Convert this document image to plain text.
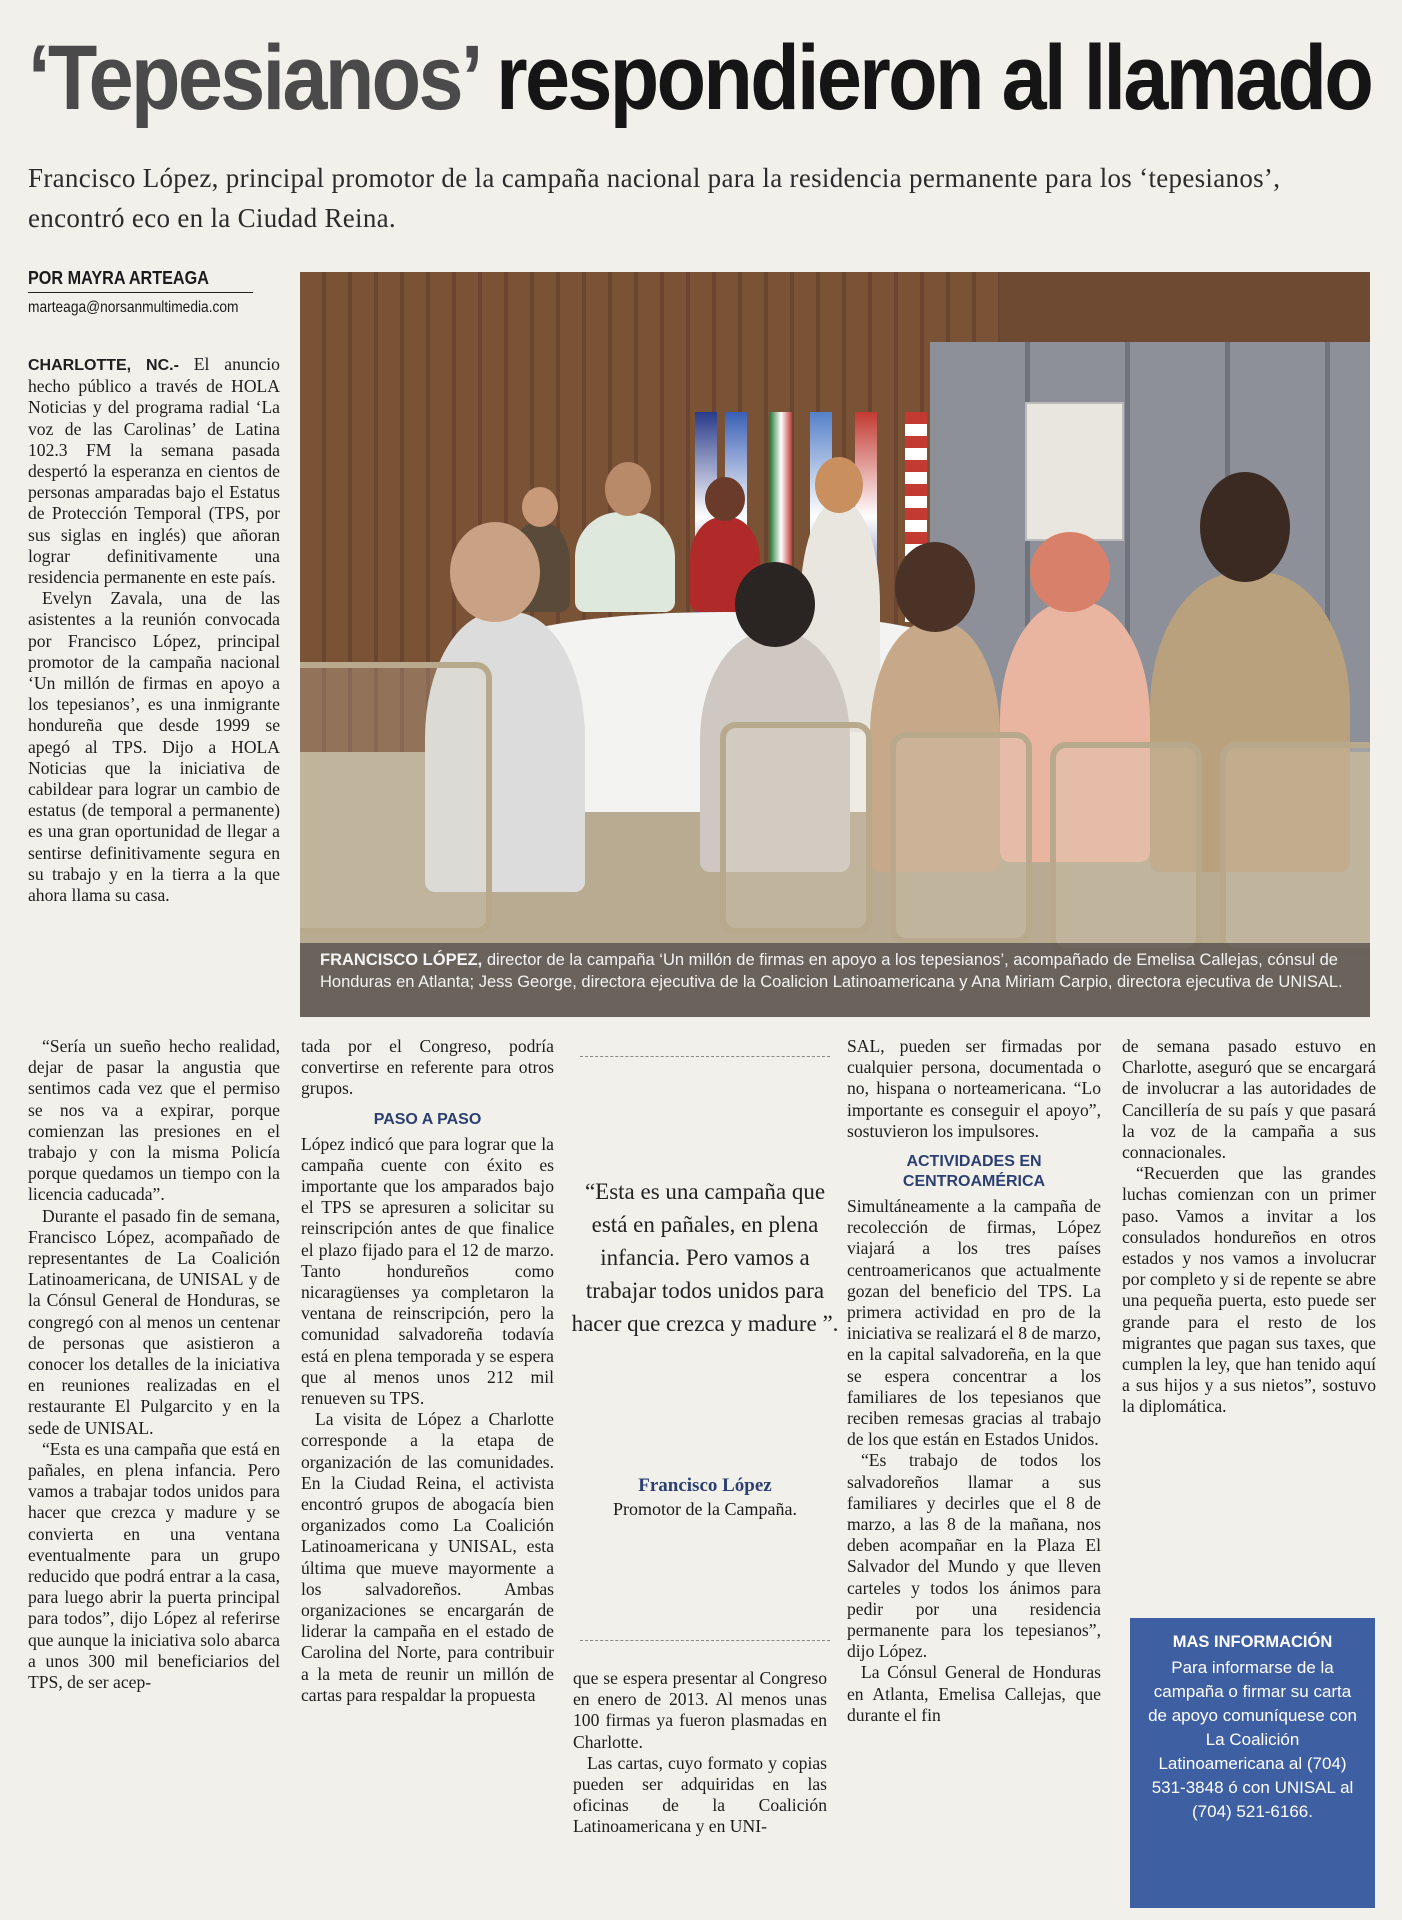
‘Tepesianos’ respondieron al llamado
Francisco López, principal promotor de la campaña nacional para la residencia permanente para los ‘tepesianos’, encontró eco en la Ciudad Reina.
POR MAYRA ARTEAGA
marteaga@norsanmultimedia.com

CHARLOTTE, NC.- El anuncio hecho público a través de HOLA Noticias y del programa radial ‘La voz de las Carolinas’ de Latina 102.3 FM la semana pasada despertó la esperanza en cientos de personas amparadas bajo el Estatus de Protección Temporal (TPS, por sus siglas en inglés) que añoran lograr definitivamente una residencia permanente en este país.

Evelyn Zavala, una de las asistentes a la reunión convocada por Francisco López, principal promotor de la campaña nacional ‘Un millón de firmas en apoyo a los tepesianos’, es una inmigrante hondureña que desde 1999 se apegó al TPS. Dijo a HOLA Noticias que la iniciativa de cabildear para lograr un cambio de estatus (de temporal a permanente) es una gran oportunidad de llegar a sentirse definitivamente segura en su trabajo y en la tierra a la que ahora llama su casa.

“Sería un sueño hecho realidad, dejar de pasar la angustia que sentimos cada vez que el permiso se nos va a expirar, porque comienzan las presiones en el trabajo y con la misma Policía porque quedamos un tiempo con la licencia caducada”.

Durante el pasado fin de semana, Francisco López, acompañado de representantes de La Coalición Latinoamericana, de UNISAL y de la Cónsul General de Honduras, se congregó con al menos un centenar de personas que asistieron a conocer los detalles de la iniciativa en reuniones realizadas en el restaurante El Pulgarcito y en la sede de UNISAL.

“Esta es una campaña que está en pañales, en plena infancia. Pero vamos a trabajar todos unidos para hacer que crezca y madure y se convierta en una ventana eventualmente para un grupo reducido que podrá entrar a la casa, para luego abrir la puerta principal para todos”, dijo López al referirse que aunque la iniciativa solo abarca a unos 300 mil beneficiarios del TPS, de ser acep-

FRANCISCO LÓPEZ, director de la campaña ‘Un millón de firmas en apoyo a los tepesianos’, acompañado de Emelisa Callejas, cónsul de Honduras en Atlanta; Jess George, directora ejecutiva de la Coalicion Latinoamericana y Ana Miriam Carpio, directora ejecutiva de UNISAL.

tada por el Congreso, podría convertirse en referente para otros grupos.

PASO A PASO

López indicó que para lograr que la campaña cuente con éxito es importante que los amparados bajo el TPS se apresuren a solicitar su reinscripción antes de que finalice el plazo fijado para el 12 de marzo. Tanto hondureños como nicaragüenses ya completaron la ventana de reinscripción, pero la comunidad salvadoreña todavía está en plena temporada y se espera que al menos unos 212 mil renueven su TPS.

La visita de López a Charlotte corresponde a la etapa de organización de las comunidades. En la Ciudad Reina, el activista encontró grupos de abogacía bien organizados como La Coalición Latinoamericana y UNISAL, esta última que mueve mayormente a los salvadoreños. Ambas organizaciones se encargarán de liderar la campaña en el estado de Carolina del Norte, para contribuir a la meta de reunir un millón de cartas para respaldar la propuesta

“Esta es una campaña que está en pañales, en plena infancia. Pero vamos a trabajar todos unidos para hacer que crezca y madure ”.
Francisco López
Promotor de la Campaña.

que se espera presentar al Congreso en enero de 2013. Al menos unas 100 firmas ya fueron plasmadas en Charlotte.

Las cartas, cuyo formato y copias pueden ser adquiridas en las oficinas de la Coalición Latinoamericana y en UNI-

SAL, pueden ser firmadas por cualquier persona, documentada o no, hispana o norteamericana. “Lo importante es conseguir el apoyo”, sostuvieron los impulsores.

ACTIVIDADES EN CENTROAMÉRICA

Simultáneamente a la campaña de recolección de firmas, López viajará a los tres países centroamericanos que actualmente gozan del beneficio del TPS. La primera actividad en pro de la iniciativa se realizará el 8 de marzo, en la capital salvadoreña, en la que se espera concentrar a los familiares de los tepesianos que reciben remesas gracias al trabajo de los que están en Estados Unidos.

“Es trabajo de todos los salvadoreños llamar a sus familiares y decirles que el 8 de marzo, a las 8 de la mañana, nos deben acompañar en la Plaza El Salvador del Mundo y que lleven carteles y todos los ánimos para pedir por una residencia permanente para los tepesianos”, dijo López.

La Cónsul General de Honduras en Atlanta, Emelisa Callejas, que durante el fin

de semana pasado estuvo en Charlotte, aseguró que se encargará de involucrar a las autoridades de Cancillería de su país y que pasará la voz de la campaña a sus connacionales.

“Recuerden que las grandes luchas comienzan con un primer paso. Vamos a invitar a los consulados hondureños en otros estados y nos vamos a involucrar por completo y si de repente se abre una pequeña puerta, esto puede ser grande para el resto de los migrantes que pagan sus taxes, que cumplen la ley, que han tenido aquí a sus hijos y a sus nietos”, sostuvo la diplomática.

MAS INFORMACIÓN
Para informarse de la campaña o firmar su carta de apoyo comuníquese con La Coalición Latinoamericana al (704) 531-3848 ó con UNISAL al (704) 521-6166.
